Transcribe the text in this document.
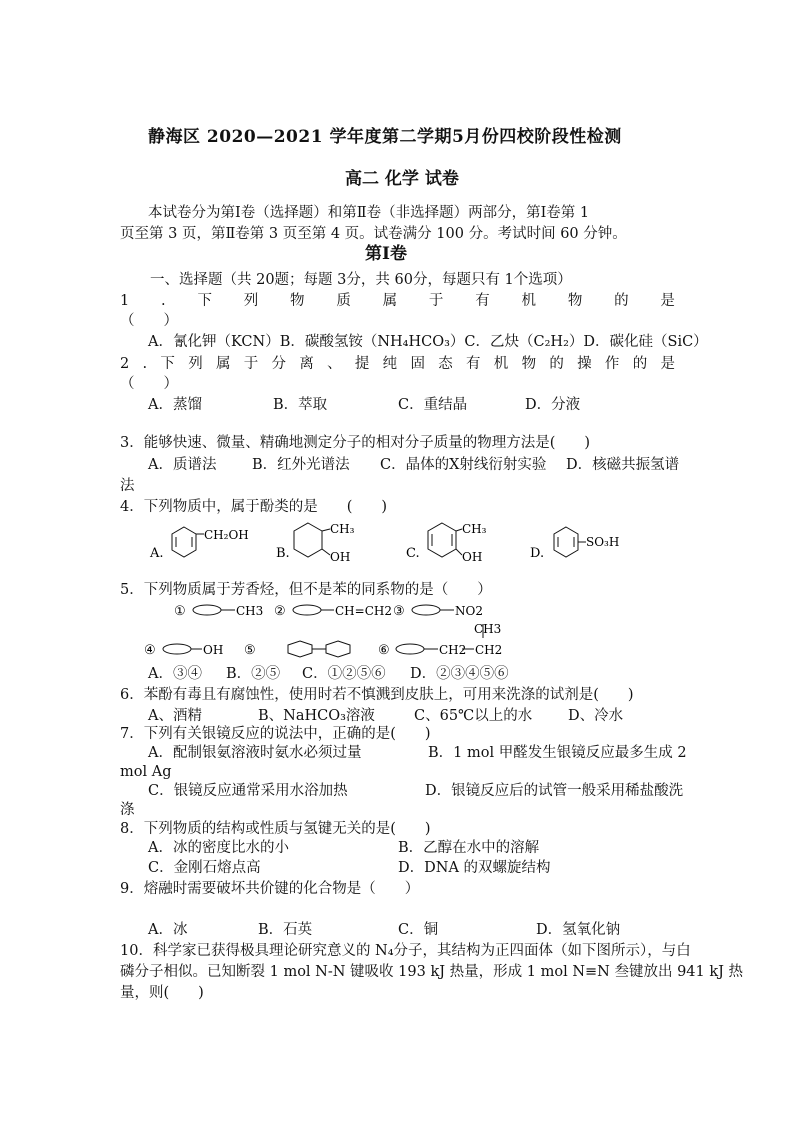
静海区 2020—2021 学年度第二学期5月份四校阶段性检测
高二 化学 试卷
本试卷分为第Ⅰ卷（选择题）和第Ⅱ卷（非选择题）两部分，第Ⅰ卷第 1
页至第 3 页，第Ⅱ卷第 3 页至第 4 页。试卷满分 100 分。考试时间 60 分钟。
第Ⅰ卷
一、选择题（共 20题；每题 3分，共 60分，每题只有 1个选项）
1 . 下 列 物 质 属 于 有 机 物 的 是
（　　）
A．氰化钾（KCN）B．碳酸氢铵（NH₄HCO₃）C．乙炔（C₂H₂）D．碳化硅（SiC）
2 . 下 列 属 于 分 离 、 提 纯 固 态 有 机 物 的 操 作 的 是
（　　）
A．蒸馏	B．萃取	C．重结晶	D．分液
3．能够快速、微量、精确地测定分子的相对分子质量的物理方法是(　　)
A．质谱法 B．红外光谱法 C．晶体的X射线衍射实验 D．核磁共振氢谱
法
4．下列物质中，属于酚类的是　　(　　)
A.
CH₂OH
B.
CH₃
OH	C.
CH₃
OH	D.
SO₃H
5．下列物质属于芳香烃，但不是苯的同系物的是（　　）
①	CH3 ②	CH=CH2 ③	NO2
④	OH ⑤	⑥	CH2 CH2
CH3
A．③④ B．②⑤ C．①②⑤⑥ D．②③④⑤⑥
6．苯酚有毒且有腐蚀性，使用时若不慎溅到皮肤上，可用来洗涤的试剂是(　　)
A、酒精	B、NaHCO₃溶液	C、65℃以上的水 D、冷水
7．下列有关银镜反应的说法中，正确的是(　　)
A．配制银氨溶液时氨水必须过量	B．1 mol 甲醛发生银镜反应最多生成 2
mol Ag
C．银镜反应通常采用水浴加热	D．银镜反应后的试管一般采用稀盐酸洗
涤
8．下列物质的结构或性质与氢键无关的是(　　)
A．冰的密度比水的小	B．乙醇在水中的溶解
C．金刚石熔点高	D．DNA 的双螺旋结构
9．熔融时需要破坏共价键的化合物是（　　）
A．冰	B．石英	C．铜	D．氢氧化钠
10．科学家已获得极具理论研究意义的 N₄分子，其结构为正四面体（如下图所示），与白
磷分子相似。已知断裂 1 mol N-N 键吸收 193 kJ 热量，形成 1 mol N≡N 叁键放出 941 kJ 热
量，则(　　)
